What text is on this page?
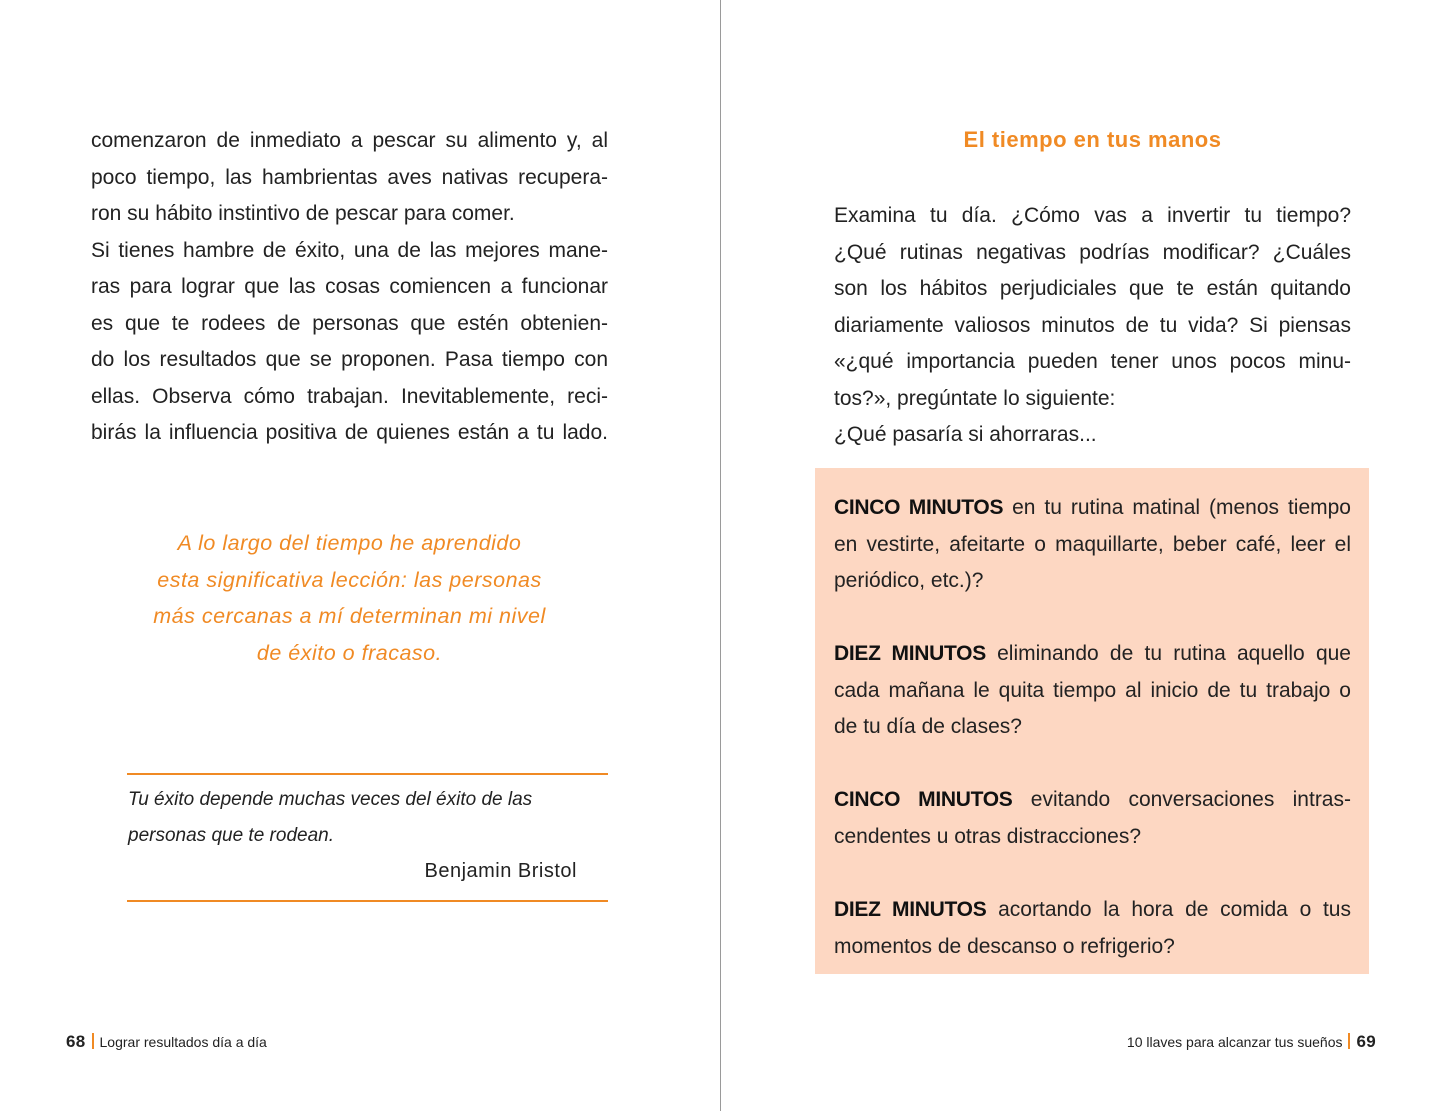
comenzaron de inmediato a pescar su alimento y, al

poco tiempo, las hambrientas aves nativas recupera-

ron su hábito instintivo de pescar para comer.

Si tienes hambre de éxito, una de las mejores mane-

ras para lograr que las cosas comiencen a funcionar

es que te rodees de personas que estén obtenien-

do los resultados que se proponen. Pasa tiempo con

ellas. Observa cómo trabajan. Inevitablemente, reci-

birás la influencia positiva de quienes están a tu lado.

A lo largo del tiempo he aprendido

esta significativa lección: las personas

más cercanas a mí determinan mi nivel

de éxito o fracaso.

Tu éxito depende muchas veces del éxito de las

personas que te rodean.

Benjamin Bristol

68 Lograr resultados día a día

El tiempo en tus manos

Examina tu día. ¿Cómo vas a invertir tu tiempo?

¿Qué rutinas negativas podrías modificar? ¿Cuáles

son los hábitos perjudiciales que te están quitando

diariamente valiosos minutos de tu vida? Si piensas

«¿qué importancia pueden tener unos pocos minu-

tos?», pregúntate lo siguiente:

¿Qué pasaría si ahorraras...

CINCO MINUTOS en tu rutina matinal (menos tiempo

en vestirte, afeitarte o maquillarte, beber café, leer el

periódico, etc.)?

DIEZ MINUTOS eliminando de tu rutina aquello que

cada mañana le quita tiempo al inicio de tu trabajo o

de tu día de clases?

CINCO MINUTOS evitando conversaciones intras-

cendentes u otras distracciones?

DIEZ MINUTOS acortando la hora de comida o tus

momentos de descanso o refrigerio?

10 llaves para alcanzar tus sueños 69
